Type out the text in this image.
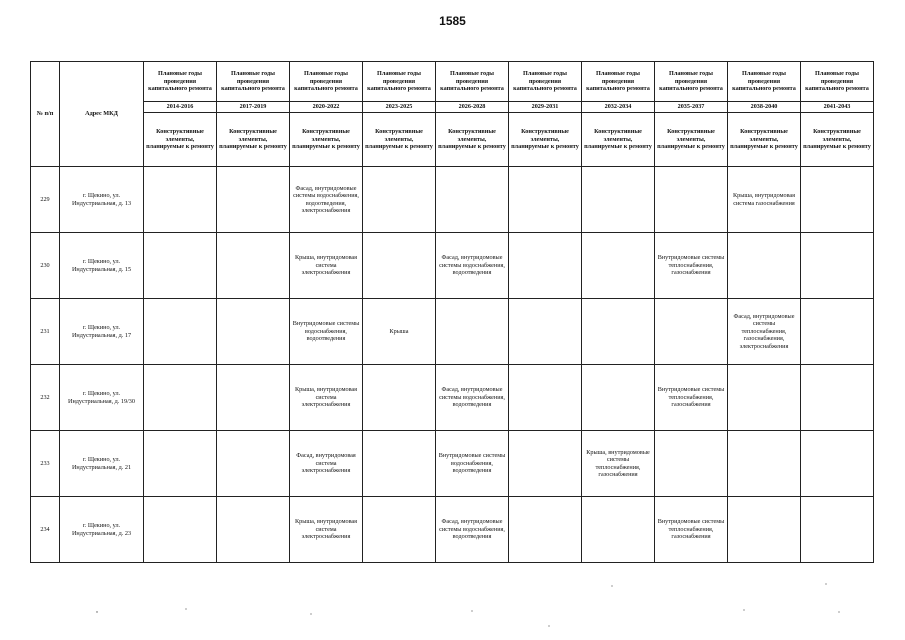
1585
№ п/п	Адрес МКД	Плановые годы проведения капитального ремонта	Плановые годы проведения капитального ремонта	Плановые годы проведения капитального ремонта	Плановые годы проведения капитального ремонта	Плановые годы проведения капитального ремонта	Плановые годы проведения капитального ремонта	Плановые годы проведения капитального ремонта	Плановые годы проведения капитального ремонта	Плановые годы проведения капитального ремонта	Плановые годы проведения капитального ремонта
		2014-2016	2017-2019	2020-2022	2023-2025	2026-2028	2029-2031	2032-2034	2035-2037	2038-2040	2041-2043
		Конструктивные элементы, планируемые к ремонту	Конструктивные элементы, планируемые к ремонту	Конструктивные элементы, планируемые к ремонту	Конструктивные элементы, планируемые к ремонту	Конструктивные элементы, планируемые к ремонту	Конструктивные элементы, планируемые к ремонту	Конструктивные элементы, планируемые к ремонту	Конструктивные элементы, планируемые к ремонту	Конструктивные элементы, планируемые к ремонту	Конструктивные элементы, планируемые к ремонту
229	г. Щекино, ул. Индустриальная, д. 13			Фасад, внутридомовые системы водоснабжения, водоотведения, электроснабжения						Крыша, внутридомовая система газоснабжения	
230	г. Щекино, ул. Индустриальная, д. 15			Крыша, внутридомовая система электроснабжения		Фасад, внутридомовые системы водоснабжения, водоотведения			Внутридомовые системы теплоснабжения, газоснабжения		
231	г. Щекино, ул. Индустриальная, д. 17			Внутридомовые системы водоснабжения, водоотведения	Крыша					Фасад, внутридомовые системы теплоснабжения, газоснабжения, электроснабжения	
232	г. Щекино, ул. Индустриальная, д. 19/30			Крыша, внутридомовая система электроснабжения		Фасад, внутридомовые системы водоснабжения, водоотведения			Внутридомовые системы теплоснабжения, газоснабжения		
233	г. Щекино, ул. Индустриальная, д. 21			Фасад, внутридомовая система электроснабжения		Внутридомовые системы водоснабжения, водоотведения		Крыша, внутридомовые системы теплоснабжения, газоснабжения			
234	г. Щекино, ул. Индустриальная, д. 23			Крыша, внутридомовая система электроснабжения		Фасад, внутридомовые системы водоснабжения, водоотведения			Внутридомовые системы теплоснабжения, газоснабжения		
